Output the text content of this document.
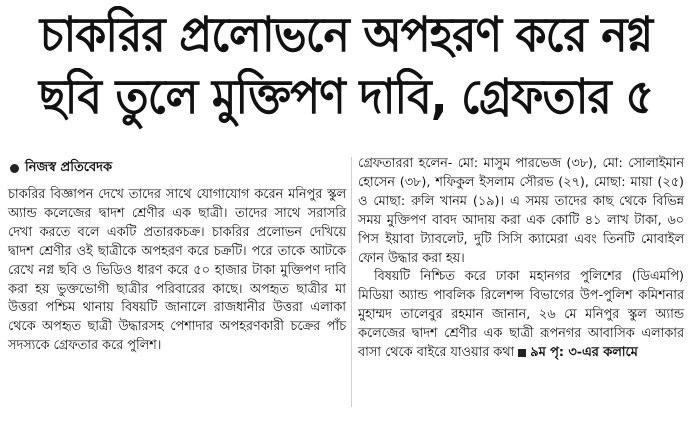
চাকরির প্রলোভনে অপহরণ করে নগ্ন
ছবি তুলে মুক্তিপণ দাবি, গ্রেফতার ৫
নিজস্ব প্রতিবেদক

চাকরির বিজ্ঞাপন দেখে তাদের সাথে যোগাযোগ করেন মনিপুর স্কুল অ্যান্ড কলেজের দ্বাদশ শ্রেণীর এক ছাত্রী। তাদের সাথে সরাসরি দেখা করতে বলে একটি প্রতারকচক্র। চাকরির প্রলোভন দেখিয়ে দ্বাদশ শ্রেণীর ওই ছাত্রীকে অপহরণ করে চক্রটি। পরে তাকে আটকে রেখে নগ্ন ছবি ও ভিডিও ধারণ করে ৫০ হাজার টাকা মুক্তিপণ দাবি করা হয় ভুক্তভোগী ছাত্রীর পরিবারের কাছে। অপহৃত ছাত্রীর মা উত্তরা পশ্চিম থানায় বিষয়টি জানালে রাজধানীর উত্তরা এলাকা থেকে অপহৃত ছাত্রী উদ্ধারসহ পেশাদার অপহরণকারী চক্রের পাঁচ সদস্যকে গ্রেফতার করে পুলিশ।

গ্রেফতাররা হলেন- মো: মাসুম পারভেজ (৩৮), মো: সোলাইমান হোসেন (৩৮), শফিকুল ইসলাম সৌরভ (২৭), মোছা: মায়া (২৫) ও মোছা: রুলি খানম (১৯)। এ সময় তাদের কাছ থেকে বিভিন্ন সময় মুক্তিপণ বাবদ আদায় করা এক কোটি ৪১ লাখ টাকা, ৬০ পিস ইয়াবা ট্যাবলেট, দুটি সিসি ক্যামেরা এবং তিনটি মোবাইল ফোন উদ্ধার করা হয়।

বিষয়টি নিশ্চিত করে ঢাকা মহানগর পুলিশের (ডিএমপি) মিডিয়া অ্যান্ড পাবলিক রিলেশন্স বিভাগের উপ-পুলিশ কমিশনার মুহাম্মদ তালেবুর রহমান জানান, ২৬ মে মনিপুর স্কুল অ্যান্ড কলেজের দ্বাদশ শ্রেণীর এক ছাত্রী রূপনগর আবাসিক এলাকার বাসা থেকে বাইরে যাওয়ার কথা ৯ম পৃ: ৩-এর কলামে
